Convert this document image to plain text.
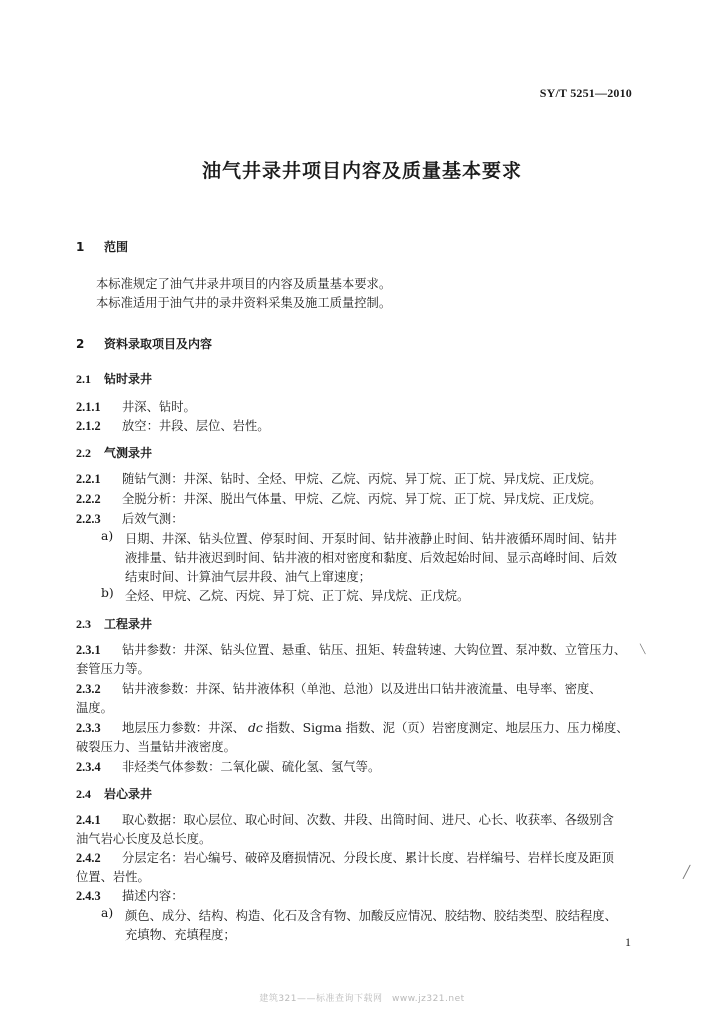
SY/T 5251—2010
油气井录井项目内容及质量基本要求
1 范围
本标准规定了油气井录井项目的内容及质量基本要求。
本标准适用于油气井的录井资料采集及施工质量控制。
2 资料录取项目及内容
2.1 钻时录井
2.1.1 井深、钻时。
2.1.2 放空：井段、层位、岩性。
2.2 气测录井
2.2.1 随钻气测：井深、钻时、全烃、甲烷、乙烷、丙烷、异丁烷、正丁烷、异戊烷、正戊烷。
2.2.2 全脱分析：井深、脱出气体量、甲烷、乙烷、丙烷、异丁烷、正丁烷、异戊烷、正戊烷。
2.2.3 后效气测：
a) 日期、井深、钻头位置、停泵时间、开泵时间、钻井液静止时间、钻井液循环周时间、钻井
液排量、钻井液迟到时间、钻井液的相对密度和黏度、后效起始时间、显示高峰时间、后效
结束时间、计算油气层井段、油气上窜速度；
b) 全烃、甲烷、乙烷、丙烷、异丁烷、正丁烷、异戊烷、正戊烷。
2.3 工程录井
2.3.1 钻井参数：井深、钻头位置、悬重、钻压、扭矩、转盘转速、大钩位置、泵冲数、立管压力、
套管压力等。
2.3.2 钻井液参数：井深、钻井液体积（单池、总池）以及进出口钻井液流量、电导率、密度、
温度。
2.3.3 地层压力参数：井深、 dc 指数、Sigma 指数、泥（页）岩密度测定、地层压力、压力梯度、
破裂压力、当量钻井液密度。
2.3.4 非烃类气体参数：二氧化碳、硫化氢、氢气等。
2.4 岩心录井
2.4.1 取心数据：取心层位、取心时间、次数、井段、出筒时间、进尺、心长、收获率、各级别含
油气岩心长度及总长度。
2.4.2 分层定名：岩心编号、破碎及磨损情况、分段长度、累计长度、岩样编号、岩样长度及距顶
位置、岩性。
2.4.3 描述内容：
a) 颜色、成分、结构、构造、化石及含有物、加酸反应情况、胶结物、胶结类型、胶结程度、
充填物、充填程度；
╱
╲
1
建筑321——标准查询下载网　www.jz321.net
